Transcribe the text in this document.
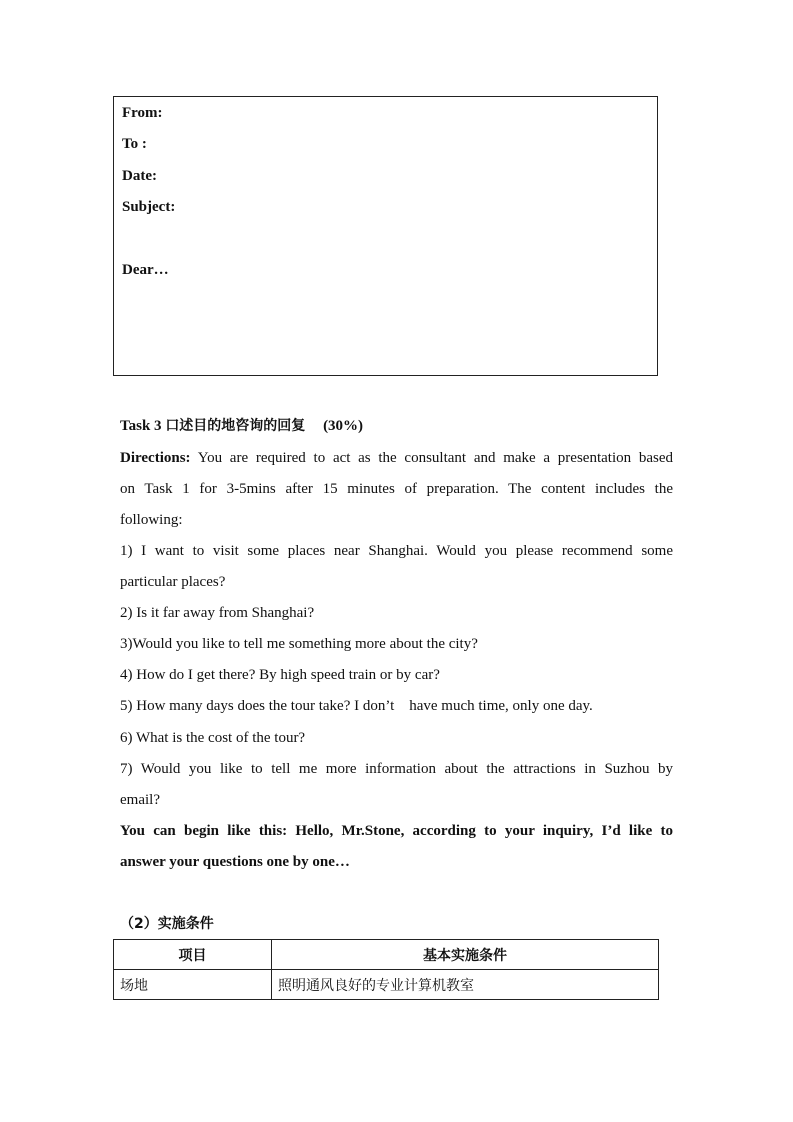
From:
To :
Date:
Subject:
Dear…
Task 3 口述目的地咨询的回复 (30%)
Directions: You are required to act as the consultant and make a presentation based
on Task 1 for 3-5mins after 15 minutes of preparation. The content includes the
following:
1) I want to visit some places near Shanghai. Would you please recommend some
particular places?
2) Is it far away from Shanghai?
3)Would you like to tell me something more about the city?
4) How do I get there? By high speed train or by car?
5) How many days does the tour take? I don’t    have much time, only one day.
6) What is the cost of the tour?
7) Would you like to tell me more information about the attractions in Suzhou by
email?
You can begin like this: Hello, Mr.Stone, according to your inquiry, I’d like to
answer your questions one by one…
（2）实施条件
项目	基本实施条件
场地	照明通风良好的专业计算机教室
